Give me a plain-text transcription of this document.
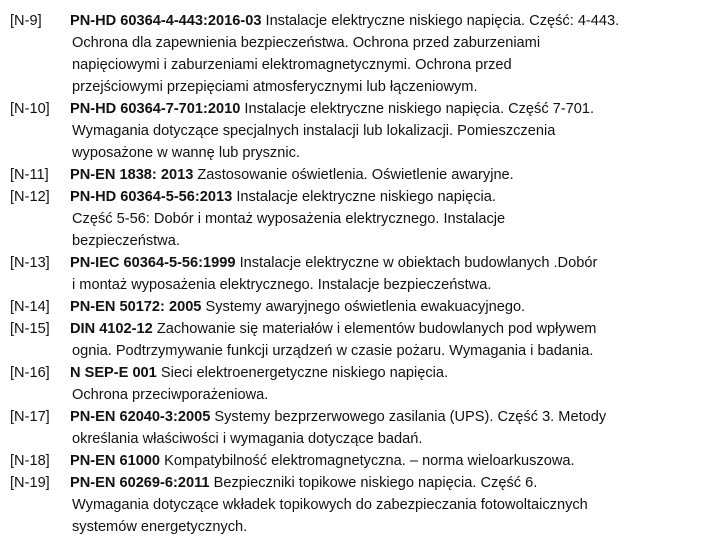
[N-9]	PN-HD 60364-4-443:2016-03 Instalacje elektryczne niskiego napięcia. Część: 4-443.
Ochrona dla zapewnienia bezpieczeństwa. Ochrona przed zaburzeniami
napięciowymi i zaburzeniami elektromagnetycznymi. Ochrona przed
przejściowymi przepięciami atmosferycznymi lub łączeniowym.
[N-10]	PN-HD 60364-7-701:2010 Instalacje elektryczne niskiego napięcia. Część 7-701.
Wymagania dotyczące specjalnych instalacji lub lokalizacji. Pomieszczenia
wyposażone w wannę lub prysznic.
[N-11]	PN-EN 1838: 2013 Zastosowanie oświetlenia. Oświetlenie awaryjne.
[N-12]	PN-HD 60364-5-56:2013 Instalacje elektryczne niskiego napięcia.
Część 5-56: Dobór i montaż wyposażenia elektrycznego. Instalacje
bezpieczeństwa.
[N-13]	PN-IEC 60364-5-56:1999 Instalacje elektryczne w obiektach budowlanych .Dobór
i montaż wyposażenia elektrycznego. Instalacje bezpieczeństwa.
[N-14]	PN-EN 50172: 2005 Systemy awaryjnego oświetlenia ewakuacyjnego.
[N-15]	DIN 4102-12 Zachowanie się materiałów i elementów budowlanych pod wpływem
ognia. Podtrzymywanie funkcji urządzeń w czasie pożaru. Wymagania i badania.
[N-16]	N SEP-E 001 Sieci elektroenergetyczne niskiego napięcia.
Ochrona przeciwporażeniowa.
[N-17]	PN-EN 62040-3:2005 Systemy bezprzerwowego zasilania (UPS). Część 3. Metody
określania właściwości i wymagania dotyczące badań.
[N-18]	PN-EN 61000 Kompatybilność elektromagnetyczna. – norma wieloarkuszowa.
[N-19]	PN-EN 60269-6:2011 Bezpieczniki topikowe niskiego napięcia. Część 6.
Wymagania dotyczące wkładek topikowych do zabezpieczania fotowoltaicznych
systemów energetycznych.
